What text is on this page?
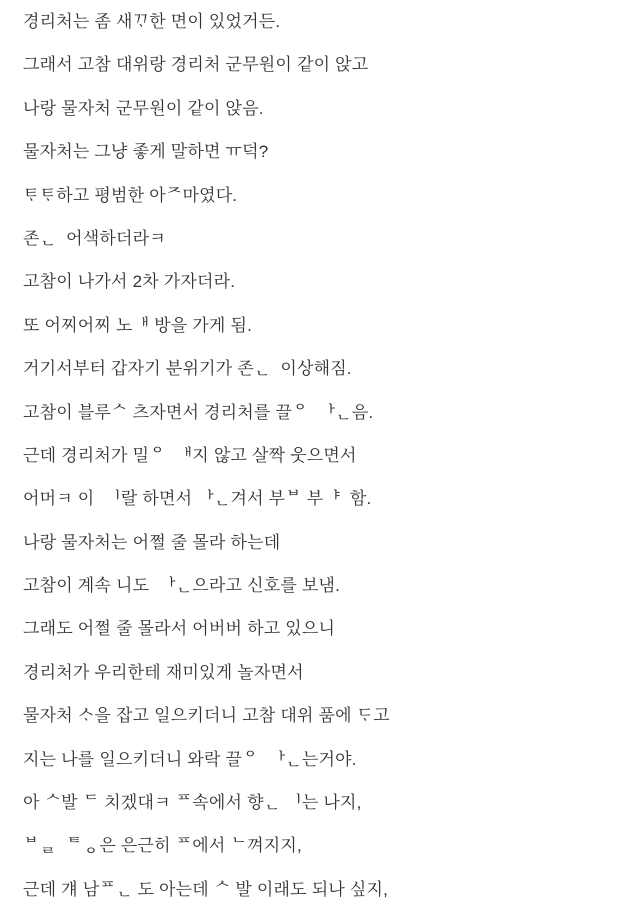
경리처는 좀 새ᄁᆞ한 면이 있었거든.

그래서 고참 대위랑 경리처 군무원이 같이 앉고

나랑 물자처 군무원이 같이 앉음.

물자처는 그냥 좋게 말하면 ㅠ덕?

ᄐᆞᄐᆞ하고 평범한 아ᄌ마였다.

존ᆫ  어색하더라ㅋ

고참이 나가서 2차 가자더라.

또 어찌어찌 노ᅢ 방을 가게 됨.

거기서부터 갑자기 분위기가 존ᆫ  이상해짐.

고참이 블루ᄉ 츠자면서 경리처를 끌ᄋ  ᅡᆫ음.

근데 경리처가 밀ᄋ  ᅢ지 않고 살짝 웃으면서

어머ㅋ 이  ᅵ랄 하면서 ᅡᆫ겨서 부ᄇ 부ᅣ  함.

나랑 물자처는 어쩔 줄 몰라 하는데

고참이 계속 니도  ᅡᆫ으라고 신호를 보냄.

그래도 어쩔 줄 몰라서 어버버 하고 있으니

경리처가 우리한테 재미있게 놀자면서

물자처 ᄉᆞ을 잡고 일으키더니 고참 대위 품에 ᄃᆞ고

지는 나를 일으키더니 와락 끌ᄋ  ᅡᆫ는거야.

아 ᄉ발 ᄃ 치겠대ㅋ ᄑ속에서 향ᆫ ᅵ는 나지,

ᄇᆯ  ᄐᆼ은 은근히 ᄑ에서 ᄂ껴지지,

근데 걔 남ᄑᆫ 도 아는데 ᄉ 발 이래도 되나 싶지,
